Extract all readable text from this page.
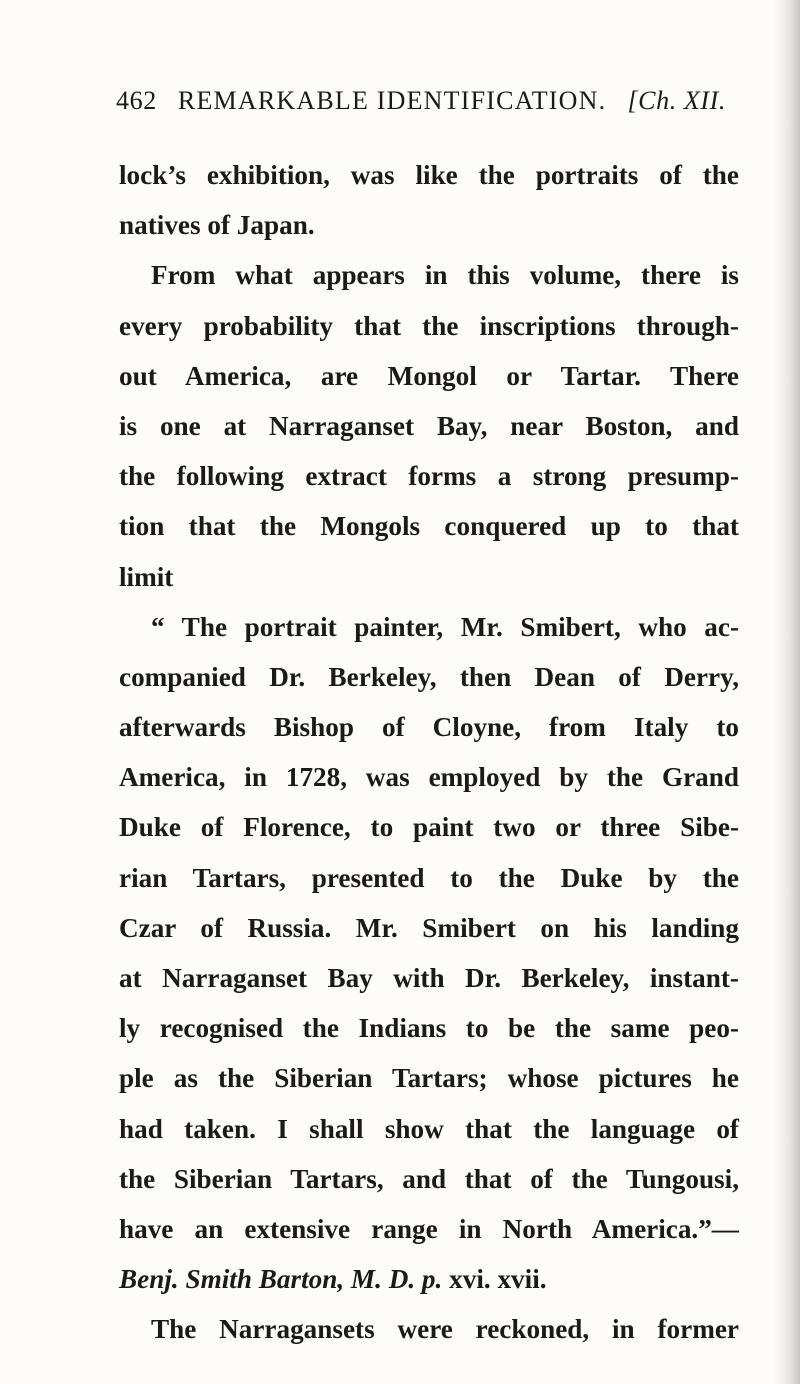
462 REMARKABLE IDENTIFICATION. [Ch. XII.
lock’s exhibition, was like the portraits of the
natives of Japan.
From what appears in this volume, there is
every probability that the inscriptions through-
out America, are Mongol or Tartar. There
is one at Narraganset Bay, near Boston, and
the following extract forms a strong presump-
tion that the Mongols conquered up to that
limit
“ The portrait painter, Mr. Smibert, who ac-
companied Dr. Berkeley, then Dean of Derry,
afterwards Bishop of Cloyne, from Italy to
America, in 1728, was employed by the Grand
Duke of Florence, to paint two or three Sibe-
rian Tartars, presented to the Duke by the
Czar of Russia. Mr. Smibert on his landing
at Narraganset Bay with Dr. Berkeley, instant-
ly recognised the Indians to be the same peo-
ple as the Siberian Tartars; whose pictures he
had taken. I shall show that the language of
the Siberian Tartars, and that of the Tungousi,
have an extensive range in North America.”—
Benj. Smith Barton, M. D. p. xvi. xvii.
The Narragansets were reckoned, in former
